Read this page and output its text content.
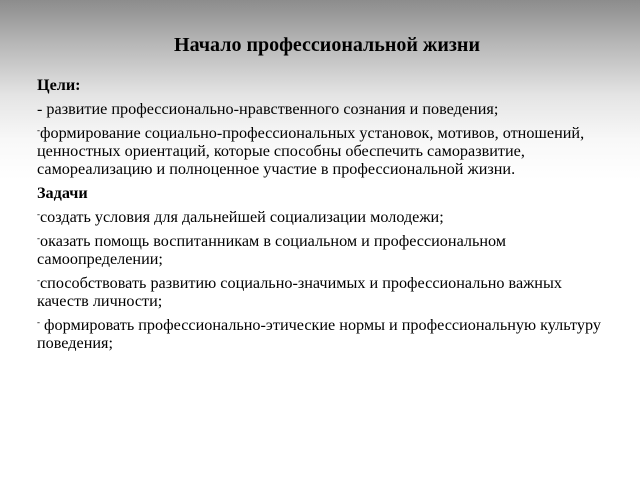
Начало профессиональной жизни
Цели:
- развитие профессионально-нравственного сознания и поведения;
-формирование социально-профессиональных установок, мотивов, отношений, ценностных ориентаций, которые способны обеспечить саморазвитие, самореализацию и полноценное участие в профессиональной жизни.
Задачи
-создать условия для дальнейшей социализации молодежи;
-оказать помощь воспитанникам в социальном и профессиональном самоопределении;
-способствовать развитию социально-значимых и профессионально важных качеств личности;
- формировать профессионально-этические нормы и профессиональную культуру поведения;
